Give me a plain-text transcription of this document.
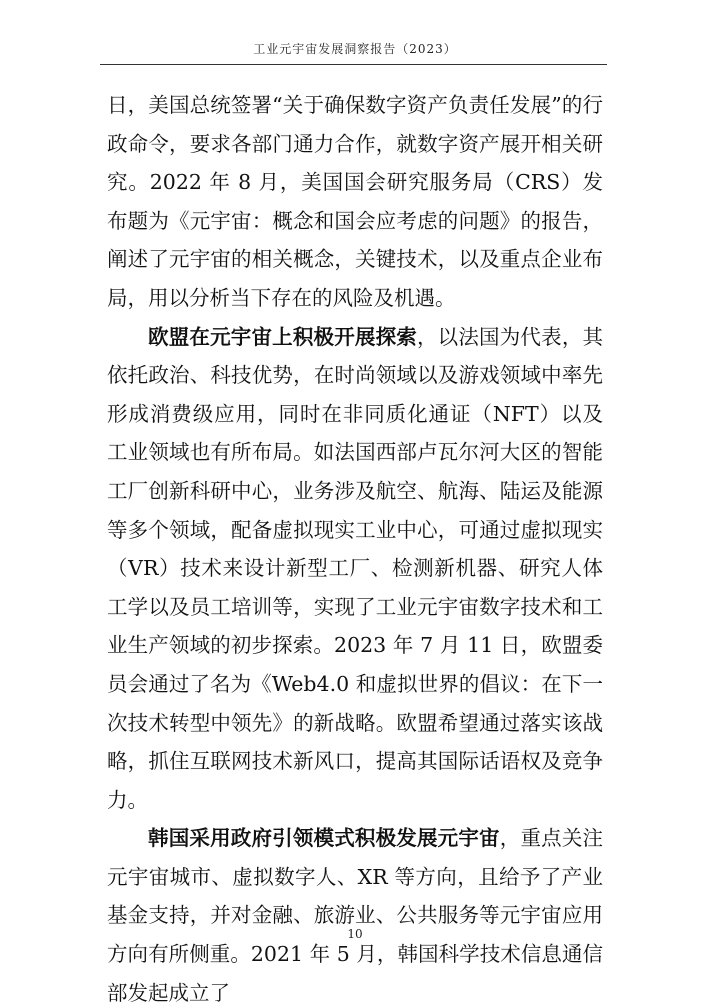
工业元宇宙发展洞察报告（2023）

日，美国总统签署“关于确保数字资产负责任发展”的行政命令，要求各部门通力合作，就数字资产展开相关研究。2022 年 8 月，美国国会研究服务局（CRS）发布题为《元宇宙：概念和国会应考虑的问题》的报告，阐述了元宇宙的相关概念，关键技术，以及重点企业布局，用以分析当下存在的风险及机遇。

欧盟在元宇宙上积极开展探索，以法国为代表，其依托政治、科技优势，在时尚领域以及游戏领域中率先形成消费级应用，同时在非同质化通证（NFT）以及工业领域也有所布局。如法国西部卢瓦尔河大区的智能工厂创新科研中心，业务涉及航空、航海、陆运及能源等多个领域，配备虚拟现实工业中心，可通过虚拟现实（VR）技术来设计新型工厂、检测新机器、研究人体工学以及员工培训等，实现了工业元宇宙数字技术和工业生产领域的初步探索。2023 年 7 月 11 日，欧盟委员会通过了名为《Web4.0 和虚拟世界的倡议：在下一次技术转型中领先》的新战略。欧盟希望通过落实该战略，抓住互联网技术新风口，提高其国际话语权及竞争力。

韩国采用政府引领模式积极发展元宇宙，重点关注元宇宙城市、虚拟数字人、XR 等方向，且给予了产业基金支持，并对金融、旅游业、公共服务等元宇宙应用方向有所侧重。2021 年 5 月，韩国科学技术信息通信部发起成立了

10
